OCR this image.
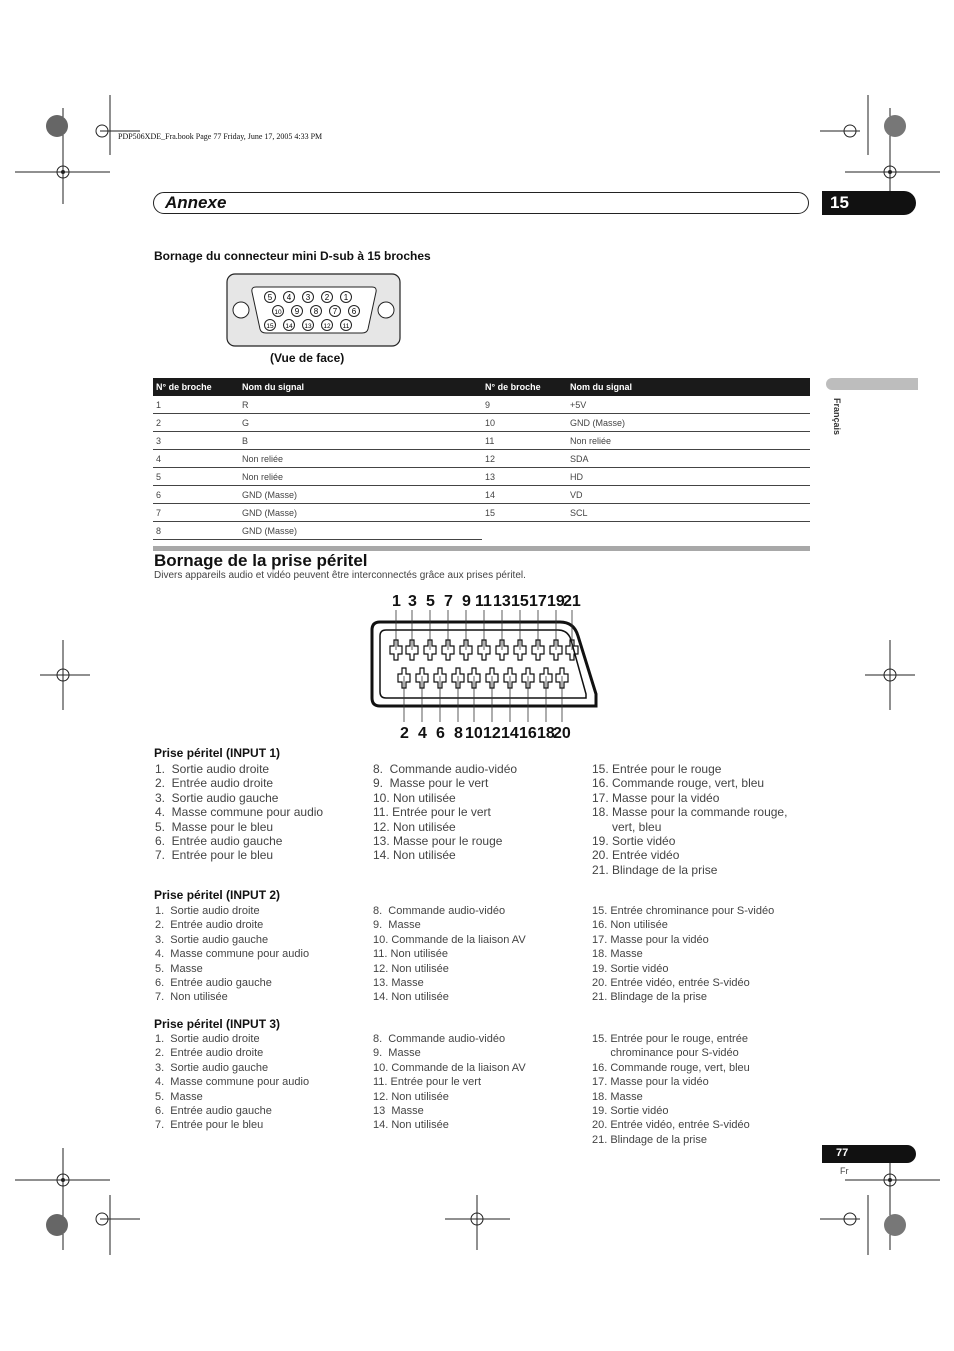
PDP506XDE_Fra.book Page 77 Friday, June 17, 2005 4:33 PM
Annexe	15
Français
Bornage du connecteur mini D-sub à 15 broches
5 4 3 2 1
10 9 8 7 6
15 14 13 12 11
(Vue de face)
N° de broche	Nom du signal	N° de broche	Nom du signal
1	R	9	+5V
2	G	10	GND (Masse)
3	B	11	Non reliée
4	Non reliée	12	SDA
5	Non reliée	13	HD
6	GND (Masse)	14	VD
7	GND (Masse)	15	SCL
8	GND (Masse)		
Bornage de la prise péritel
Divers appareils audio et vidéo peuvent être interconnectés grâce aux prises péritel.
1 3 5 7 9 11 13 15 17 19
21
2 4 6 8 10 12 14 16 18
20
Prise péritel (INPUT 1)
1.  Sortie audio droite
2.  Entrée audio droite
3.  Sortie audio gauche
4.  Masse commune pour audio
5.  Masse pour le bleu
6.  Entrée audio gauche
7.  Entrée pour le bleu
8.  Commande audio-vidéo
9.  Masse pour le vert
10. Non utilisée
11. Entrée pour le vert
12. Non utilisée
13. Masse pour le rouge
14. Non utilisée
15. Entrée pour le rouge
16. Commande rouge, vert, bleu
17. Masse pour la vidéo
18. Masse pour la commande rouge,
vert, bleu
19. Sortie vidéo
20. Entrée vidéo
21. Blindage de la prise
Prise péritel (INPUT 2)
1.  Sortie audio droite
2.  Entrée audio droite
3.  Sortie audio gauche
4.  Masse commune pour audio
5.  Masse
6.  Entrée audio gauche
7.  Non utilisée
8.  Commande audio-vidéo
9.  Masse
10. Commande de la liaison AV
11. Non utilisée
12. Non utilisée
13. Masse
14. Non utilisée
15. Entrée chrominance pour S-vidéo
16. Non utilisée
17. Masse pour la vidéo
18. Masse
19. Sortie vidéo
20. Entrée vidéo, entrée S-vidéo
21. Blindage de la prise
Prise péritel (INPUT 3)
1.  Sortie audio droite
2.  Entrée audio droite
3.  Sortie audio gauche
4.  Masse commune pour audio
5.  Masse
6.  Entrée audio gauche
7.  Entrée pour le bleu
8.  Commande audio-vidéo
9.  Masse
10. Commande de la liaison AV
11. Entrée pour le vert
12. Non utilisée
13  Masse
14. Non utilisée
15. Entrée pour le rouge, entrée
chrominance pour S-vidéo
16. Commande rouge, vert, bleu
17. Masse pour la vidéo
18. Masse
19. Sortie vidéo
20. Entrée vidéo, entrée S-vidéo
21. Blindage de la prise
77
Fr
